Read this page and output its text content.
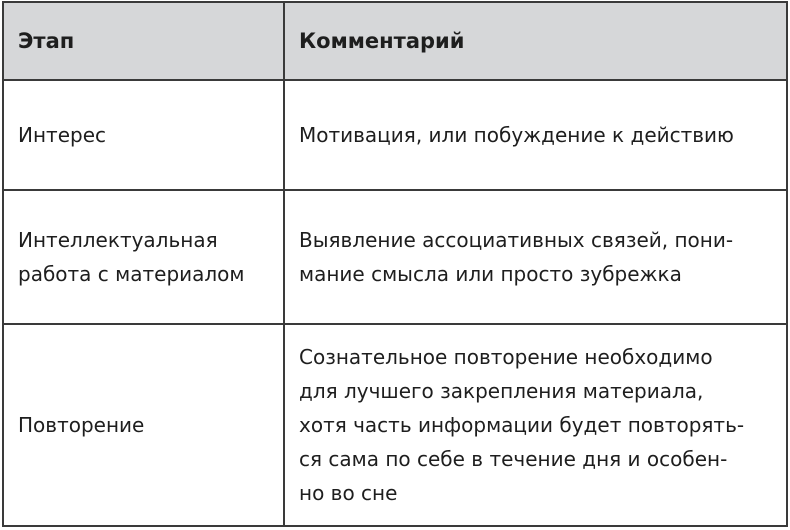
Этап	Комментарий

Интерес	Мотивация, или побуждение к действию

Интеллектуальная
работа с материалом	Выявление ассоциативных связей, пони-
мание смысла или просто зубрежка

Повторение	Сознательное повторение необходимо
для лучшего закрепления материала,
хотя часть информации будет повторять-
ся сама по себе в течение дня и особен-
но во сне
